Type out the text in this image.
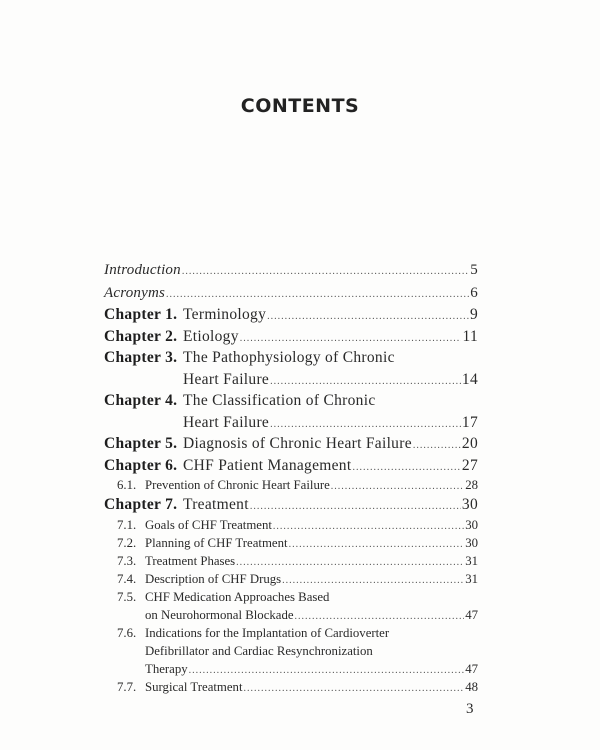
CONTENTS
Introduction .....	5
Acronyms .....	6
Chapter 1. Terminology .....	9
Chapter 2. Etiology .....	11
Chapter 3. The Pathophysiology of Chronic
Heart Failure .....	14
Chapter 4. The Classification of Chronic
Heart Failure .....	17
Chapter 5. Diagnosis of Chronic Heart Failure .....	20
Chapter 6. CHF Patient Management .....	27
6.1. Prevention of Chronic Heart Failure .....	28
Chapter 7. Treatment .....	30
7.1. Goals of CHF Treatment .....	30
7.2. Planning of CHF Treatment .....	30
7.3. Treatment Phases .....	31
7.4. Description of CHF Drugs .....	31
7.5. CHF Medication Approaches Based
on Neurohormonal Blockade .....	47
7.6. Indications for the Implantation of Cardioverter
Defibrillator and Cardiac Resynchronization
Therapy .....	47
7.7. Surgical Treatment .....	48
3
